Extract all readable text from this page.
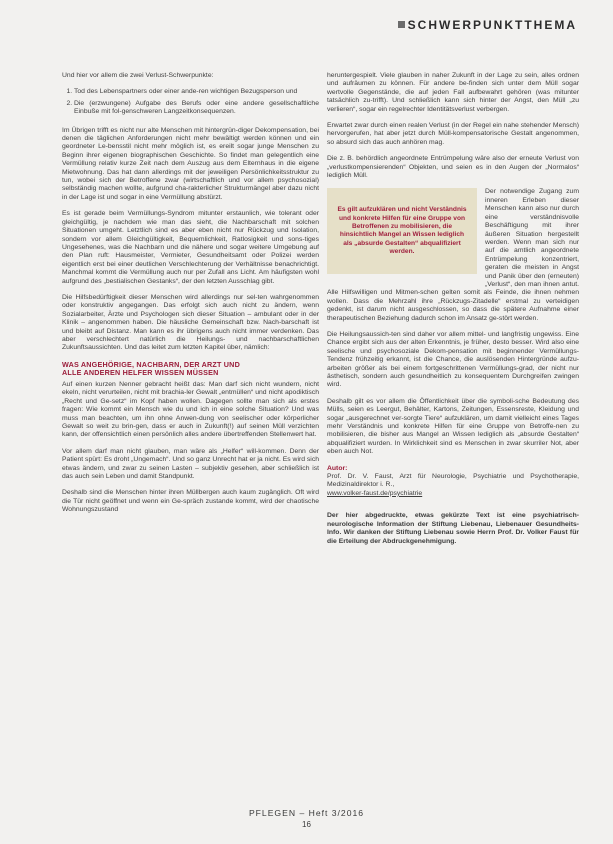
SCHWERPUNKTTHEMA

Und hier vor allem die zwei Verlust-Schwerpunkte:

1. Tod des Lebenspartners oder einer ande-ren wichtigen Bezugsperson und
2. Die (erzwungene) Aufgabe des Berufs oder eine andere gesellschaftliche Einbuße mit fol-genschweren Langzeitkonsequenzen.

Im Übrigen trifft es nicht nur alte Menschen mit hintergrün-diger Dekompensation, bei denen die täglichen Anforderungen nicht mehr bewältigt werden können und ein geordneter Le-bensstil nicht mehr möglich ist, es ereilt sogar junge Menschen zu Beginn ihrer eigenen biographischen Geschichte. So findet man gelegentlich eine Vermüllung relativ kurze Zeit nach dem Auszug aus dem Elternhaus in die eigene Mietwohnung. Das hat dann allerdings mit der jeweiligen Persönlichkeitsstruktur zu tun, wobei sich der Betroffene zwar (wirtschaftlich und vor allem psychosozial) selbständig machen wollte, aufgrund cha-rakterlicher Strukturmängel aber dazu nicht in der Lage ist und sogar in eine Vermüllung abstürzt.

Es ist gerade beim Vermüllungs-Syndrom mitunter erstaunlich, wie tolerant oder gleichgültig, je nachdem wie man das sieht, die Nachbarschaft mit solchen Situationen umgeht. Letztlich sind es aber eben nicht nur Rückzug und Isolation, sondern vor allem Gleichgültigkeit, Bequemlichkeit, Ratlosigkeit und sons-tiges Ungesehenes, was die Nachbarn und die nähere und sogar weitere Umgebung auf den Plan ruft: Hausmeister, Vermieter, Gesundheitsamt oder Polizei werden eigentlich erst bei einer deutlichen Verschlechterung der Verhältnisse benachrichtigt. Manchmal kommt die Vermüllung auch nur per Zufall ans Licht. Am häufigsten wohl aufgrund des „bestialischen Gestanks“, der den letzten Ausschlag gibt.

Die Hilfsbedürftigkeit dieser Menschen wird allerdings nur sel-ten wahrgenommen oder konstruktiv angegangen. Das erfolgt sich auch nicht zu ändern, wenn Sozialarbeiter, Ärzte und Psychologen sich dieser Situation – ambulant oder in der Klinik – angenommen haben. Die häusliche Gemeinschaft bzw. Nach-barschaft ist und bleibt auf Distanz. Man kann es ihr übrigens auch nicht immer verdenken. Das aber verschlechtert natürlich die Heilungs- und nachbarschaftlichen Zukunftsaussichten. Und das leitet zum letzten Kapitel über, nämlich:

WAS ANGEHÖRIGE, NACHBARN, DER ARZT UND
ALLE ANDEREN HELFER WISSEN MÜSSEN

Auf einen kurzen Nenner gebracht heißt das: Man darf sich nicht wundern, nicht ekeln, nicht verurteilen, nicht mit brachia-ler Gewalt „entmüllen“ und nicht apodiktisch „Recht und Ge-setz“ im Kopf haben wollen. Dagegen sollte man sich als erstes fragen: Wie kommt ein Mensch wie du und ich in eine solche Situation? Und was muss man beachten, um ihn ohne Anwen-dung von seelischer oder körperlicher Gewalt so weit zu brin-gen, dass er auch in Zukunft(!) auf seinen Müll verzichten kann, der offensichtlich einen persönlich alles andere übertreffenden Stellenwert hat.

Vor allem darf man nicht glauben, man wäre als „Helfer“ will-kommen. Denn der Patient spürt: Es droht „Ungemach“. Und so ganz Unrecht hat er ja nicht. Es wird sich etwas ändern, und zwar zu seinen Lasten – subjektiv gesehen, aber schließlich ist das auch sein Leben und damit Standpunkt.

Deshalb sind die Menschen hinter ihren Müllbergen auch kaum zugänglich. Oft wird die Tür nicht geöffnet und wenn ein Ge-spräch zustande kommt, wird der chaotische Wohnungszustand

heruntergespielt. Viele glauben in naher Zukunft in der Lage zu sein, alles ordnen und aufräumen zu können. Für andere be-finden sich unter dem Müll sogar wertvolle Gegenstände, die auf jeden Fall aufbewahrt gehören (was mitunter tatsächlich zu-trifft). Und schließlich kann sich hinter der Angst, den Müll „zu verlieren“, sogar ein regelrechter Identitätsverlust verbergen.

Erwartet zwar durch einen realen Verlust (in der Regel ein nahe stehender Mensch) hervorgerufen, hat aber jetzt durch Müll-kompensatorische Gestalt angenommen, so absurd sich das auch anhören mag.

Die z. B. behördlich angeordnete Entrümpelung wäre also der erneute Verlust von „verlustkompensierenden“ Objekten, und seien es in den Augen der „Normalos“ lediglich Müll.

Es gilt aufzuklären und nicht Verständnis und konkrete Hilfen für eine Gruppe von Betroffenen zu mobilisieren, die hinsichtlich Mangel an Wissen lediglich als „absurde Gestalten“ abqualifiziert werden.
Der notwendige Zugang zum inneren Erleben dieser Menschen kann also nur durch eine verständnisvolle Beschäftigung mit ihrer äußeren Situation hergestellt werden. Wenn man sich nur auf die amtlich angeordnete Entrümpelung konzentriert, geraten die meisten in Angst und Panik über den (erneuten) „Verlust“, den man ihnen antut. Alle Hilfswilligen und Mitmen-schen gelten somit als Feinde, die ihnen nehmen wollen. Dass die Mehrzahl ihre „Rückzugs-Zitadelle“ erstmal zu verteidigen gedenkt, ist darum nicht ausgeschlossen, so dass die spätere Aufnahme einer therapeutischen Beziehung dadurch schon im Ansatz ge-stört werden.

Die Heilungsaussich-ten sind daher vor allem mittel- und langfristig ungewiss. Eine Chance ergibt sich aus der alten Erkenntnis, je früher, desto besser. Wird also eine seelische und psychosoziale Dekom-pensation mit beginnender Vermüllungs-Tendenz frühzeitig erkannt, ist die Chance, die auslösenden Hintergründe aufzu-arbeiten größer als bei einem fortgeschrittenen Vermüllungs-grad, der nicht nur ästhetisch, sondern auch gesundheitlich zu konsequentem Durchgreifen zwingen wird.

Deshalb gilt es vor allem die Öffentlichkeit über die symboli-sche Bedeutung des Mülls, seien es Leergut, Behälter, Kartons, Zeitungen, Essensreste, Kleidung und sogar „ausgerechnet ver-sorgte Tiere“ aufzuklären, um damit vielleicht eines Tages mehr Verständnis und konkrete Hilfen für eine Gruppe von Betroffe-nen zu mobilisieren, die bisher aus Mangel an Wissen lediglich als „absurde Gestalten“ abqualifiziert wurden. In Wirklichkeit sind es Menschen in zwar skurriler Not, aber eben auch Not.

Autor:
Prof. Dr. V. Faust, Arzt für Neurologie, Psychiatrie und Psychotherapie, Medizinaldirektor i. R.,
www.volker-faust.de/psychiatrie
Der hier abgedruckte, etwas gekürzte Text ist eine psychiatrisch-neurologische Information der Stiftung Liebenau, Liebenauer Gesundheits-Info. Wir danken der Stiftung Liebenau sowie Herrn Prof. Dr. Volker Faust für die Erteilung der Abdruckgenehmigung.
PFLEGEN – Heft 3/2016
16
